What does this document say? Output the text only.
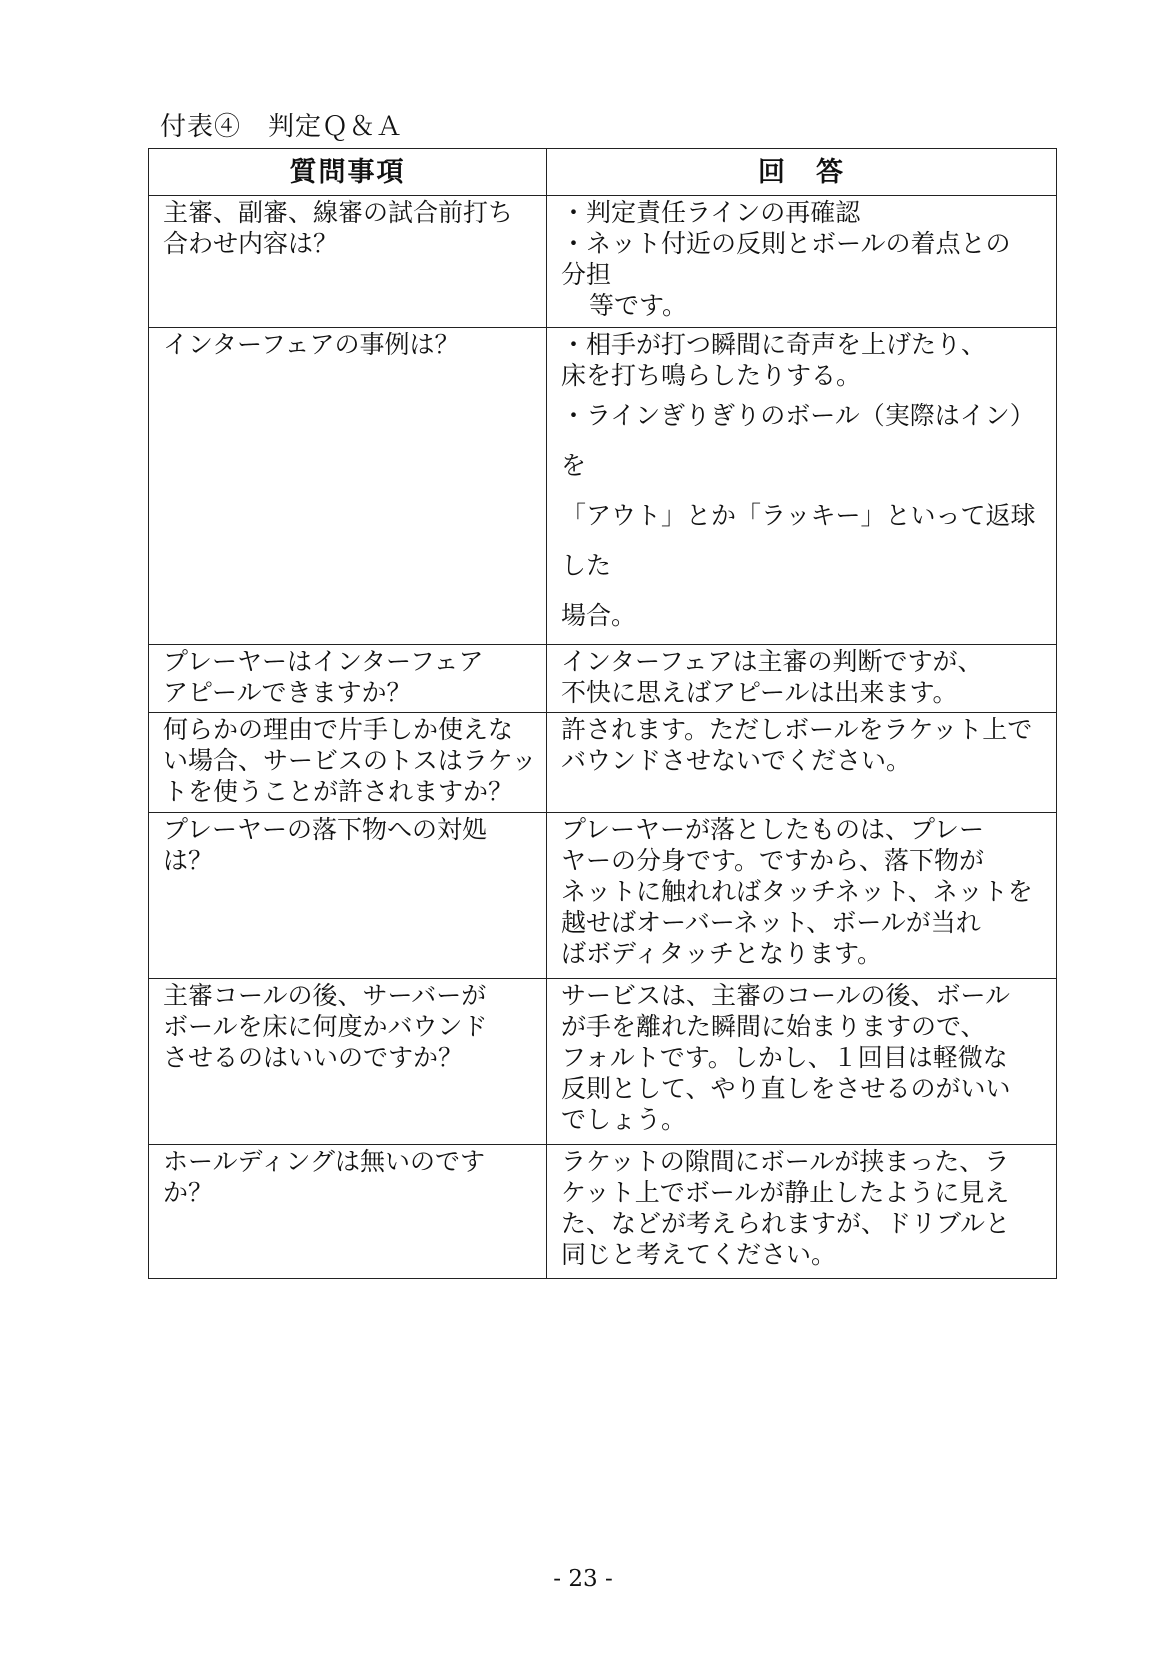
付表④　判定Ｑ＆Ａ
質問事項	回　答

主審、副審、線審の試合前打ち
合わせ内容は？	・判定責任ラインの再確認
・ネット付近の反則とボールの着点との
分担
等です。

インターフェアの事例は？	・相手が打つ瞬間に奇声を上げたり、
床を打ち鳴らしたりする。
・ラインぎりぎりのボール（実際はイン）を
「アウト」とか「ラッキー」といって返球した
場合。

プレーヤーはインターフェア
アピールできますか？	インターフェアは主審の判断ですが、
不快に思えばアピールは出来ます。

何らかの理由で片手しか使えな
い場合、サービスのトスはラケッ
トを使うことが許されますか？	許されます。ただしボールをラケット上で
バウンドさせないでください。

プレーヤーの落下物への対処
は？	プレーヤーが落としたものは、プレー
ヤーの分身です。ですから、落下物が
ネットに触れればタッチネット、ネットを
越せばオーバーネット、ボールが当れ
ばボディタッチとなります。

主審コールの後、サーバーが
ボールを床に何度かバウンド
させるのはいいのですか？	サービスは、主審のコールの後、ボール
が手を離れた瞬間に始まりますので、
フォルトです。しかし、１回目は軽微な
反則として、やり直しをさせるのがいい
でしょう。

ホールディングは無いのです
か？	ラケットの隙間にボールが挟まった、ラ
ケット上でボールが静止したように見え
た、などが考えられますが、ドリブルと
同じと考えてください。
- 23 -
